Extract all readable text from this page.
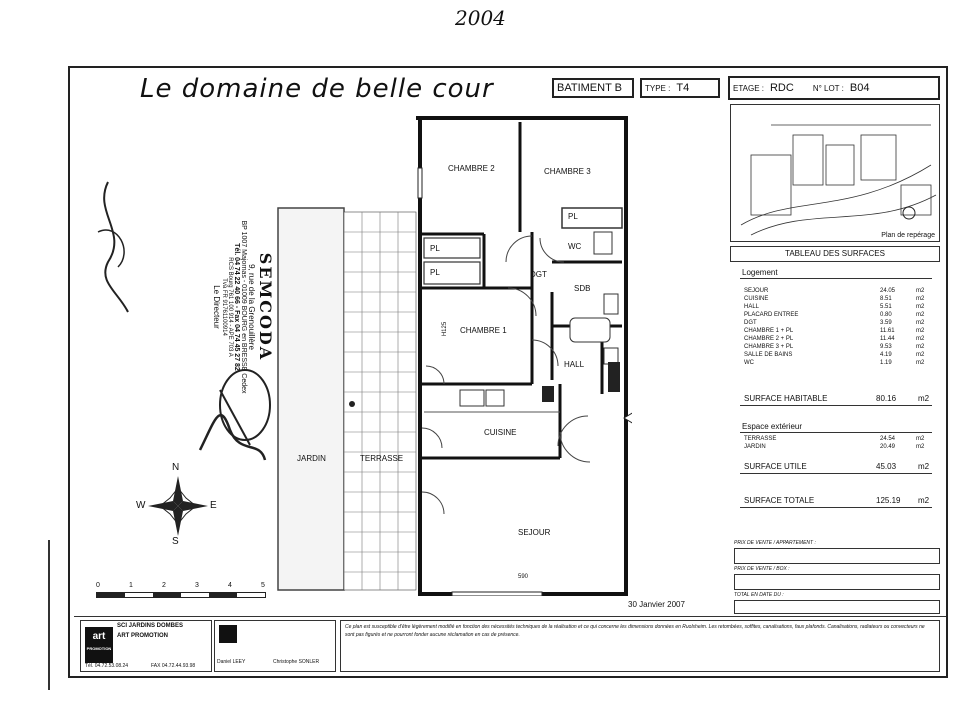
2004
Le domaine de belle cour	BATIMENT B	TYPE : T4	ETAGE : RDC N° LOT : B04
SEMCODA
9, rue de la Grenouillère
BP 1007 Majornas - 01009 BOURG en BRESSE Cedex
Tél. 04 74 22 40 66 - Fax 04 74 45 27 82
RCS Bourg 761 100 914 - APE 703 A
Tva FR 91761100914
Le Directeur
N
S
W	E
0	1	2	3	4	5
CHAMBRE 2	CHAMBRE 3
PL
PL
PL
WC
DGT
SDB
CHAMBRE 1
H125
HALL
CUISINE
SEJOUR
JARDIN	TERRASSE
590
30 Janvier 2007
Plan de repérage
TABLEAU DES SURFACES
Logement
SURFACE HABITABLE	80.16	m2
Espace extérieur
SURFACE UTILE	45.03	m2
SURFACE TOTALE	125.19 m2
PRIX DE VENTE / APPARTEMENT :
PRIX DE VENTE / BOX :
TOTAL EN DATE DU :
art
PROMOTION
SCI JARDINS DOMBES
ART PROMOTION
Tél. 04.72.53.08.24	FAX 04.72.44.93.98
Daniel LEEY	Christophe SONLER
Ce plan est susceptible d'être légèrement modifié en fonction des nécessités techniques de la réalisation et ce qui concerne les dimensions données en Ruolsheim. Les retombées, soffites, canalisations, faux plafonds. Canalisations, radiateurs ou convecteurs ne sont pas figurés et ne pourront fonder aucune réclamation en cas de présence.
SEJOUR	24.05	m2
CUISINE	8.51	m2
HALL	5.51	m2
PLACARD ENTREE	0.80	m2
DGT	3.59	m2
CHAMBRE 1 + PL	11.61	m2
CHAMBRE 2 + PL	11.44	m2
CHAMBRE 3 + PL	9.53	m2
SALLE DE BAINS	4.19	m2
WC	1.19	m2
TERRASSE	24.54	m2
JARDIN	20.49	m2
